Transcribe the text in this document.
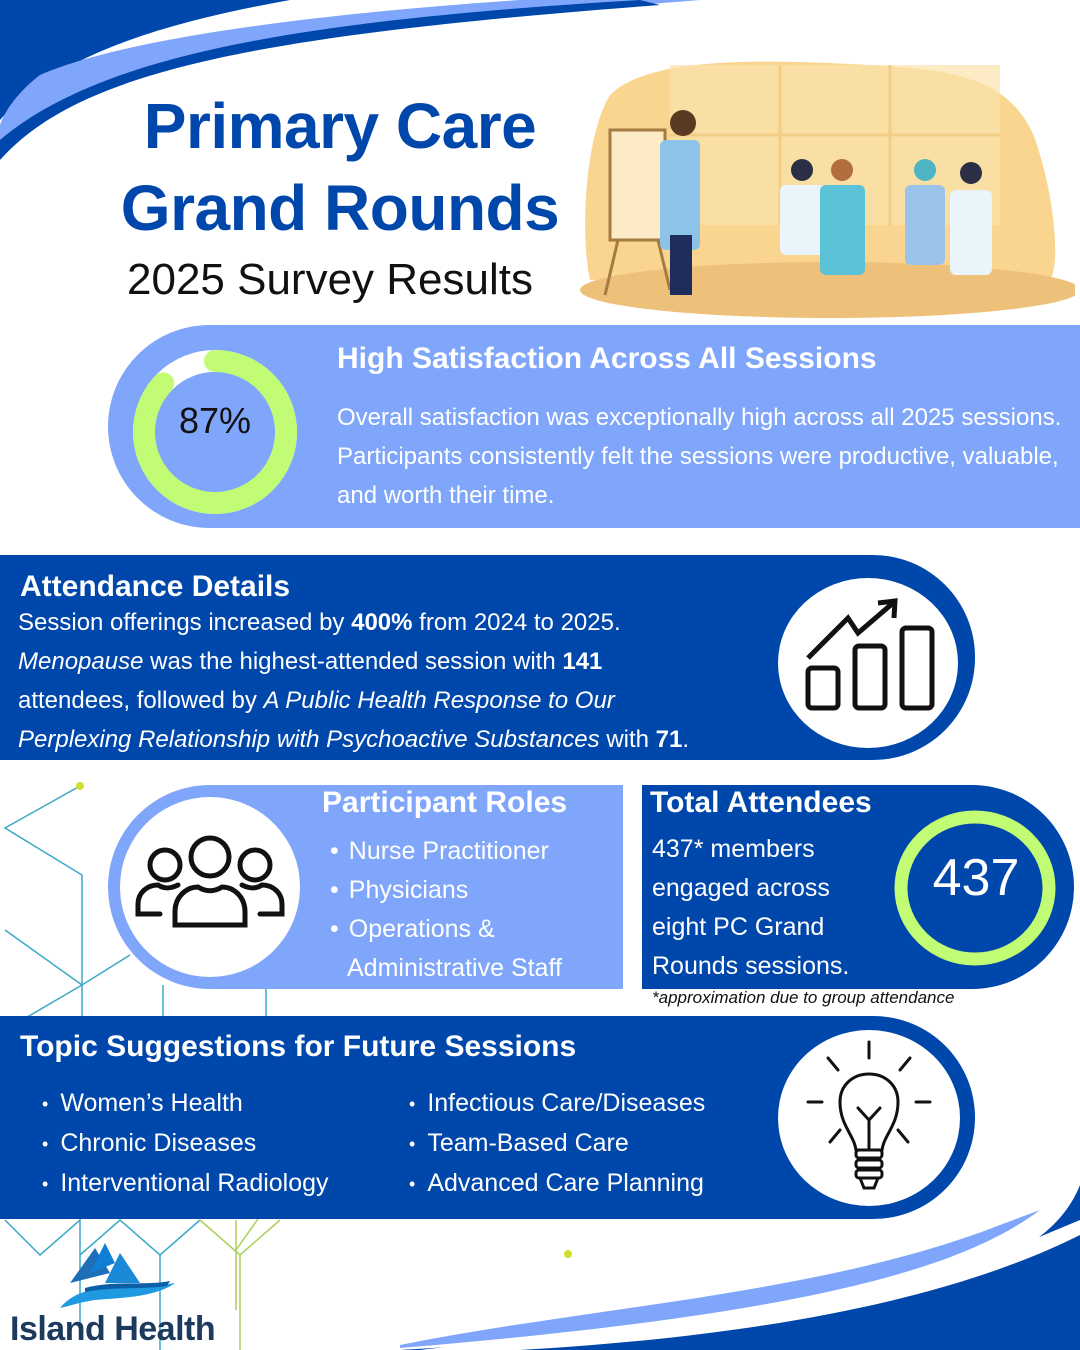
Primary Care
Grand Rounds
2025 Survey Results
87%
High Satisfaction Across All Sessions
Overall satisfaction was exceptionally high across all 2025 sessions. Participants consistently felt the sessions were productive, valuable, and worth their time.
Attendance Details
Session offerings increased by 400% from 2024 to 2025.
Menopause was the highest-attended session with 141
attendees, followed by A Public Health Response to Our
Perplexing Relationship with Psychoactive Substances with 71.
Participant Roles
• Nurse Practitioner
• Physicians
• Operations &
Administrative Staff
Total Attendees
437* members
engaged across
eight PC Grand
Rounds sessions.
437
*approximation due to group attendance
Topic Suggestions for Future Sessions
• Women’s Health
• Chronic Diseases
• Interventional Radiology
• Infectious Care/Diseases
• Team-Based Care
• Advanced Care Planning
Island Health
